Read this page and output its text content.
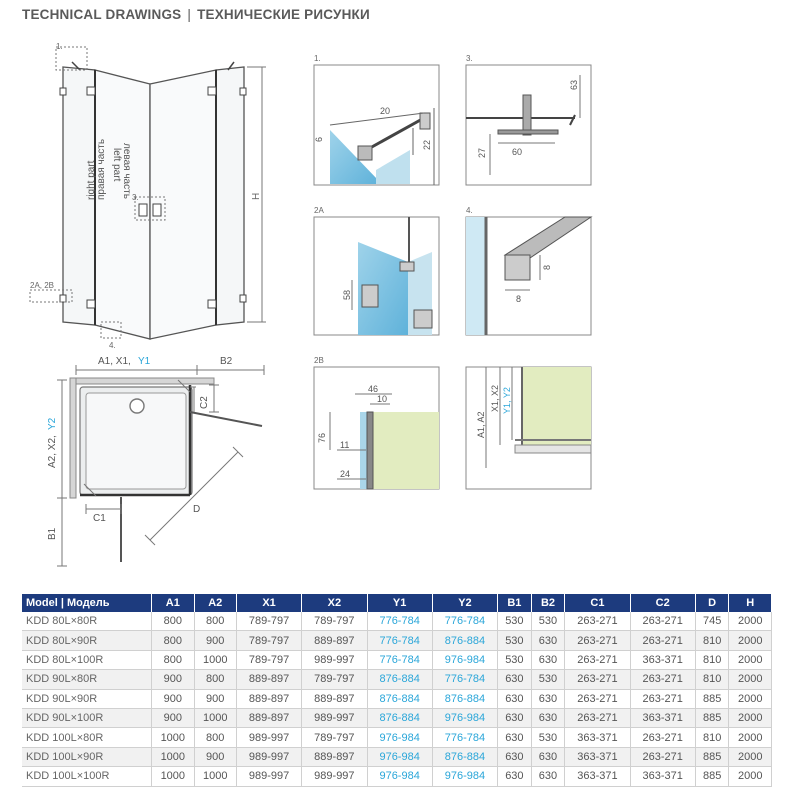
TECHNICAL DRAWINGS | ТЕХНИЧЕСКИЕ РИСУНКИ
1.
3.
2A, 2B
4.
H
left part левая часть
right part правая часть
A1, X1, Y1	B2
A2, X2,
Y2
B1
C2
C1
D
1.
20
6
22
3.
63
27	60
2A
58
4.
8
8
2B
46
10
76
11
24
A1, A2
X1, X2 Y1, Y2
Model | Модель	A1	A2	X1	X2	Y1	Y2	B1	B2	C1	C2	D	H
KDD 80L×80R	800	800	789-797	789-797	776-784	776-784	530	530	263-271	263-271	745	2000
KDD 80L×90R	800	900	789-797	889-897	776-784	876-884	530	630	263-271	263-271	810	2000
KDD 80L×100R	800	1000	789-797	989-997	776-784	976-984	530	630	263-271	363-371	810	2000
KDD 90L×80R	900	800	889-897	789-797	876-884	776-784	630	530	263-271	263-271	810	2000
KDD 90L×90R	900	900	889-897	889-897	876-884	876-884	630	630	263-271	263-271	885	2000
KDD 90L×100R	900	1000	889-897	989-997	876-884	976-984	630	630	263-271	363-371	885	2000
KDD 100L×80R	1000	800	989-997	789-797	976-984	776-784	630	530	363-371	263-271	810	2000
KDD 100L×90R	1000	900	989-997	889-897	976-984	876-884	630	630	363-371	263-271	885	2000
KDD 100L×100R	1000	1000	989-997	989-997	976-984	976-984	630	630	363-371	363-371	885	2000
